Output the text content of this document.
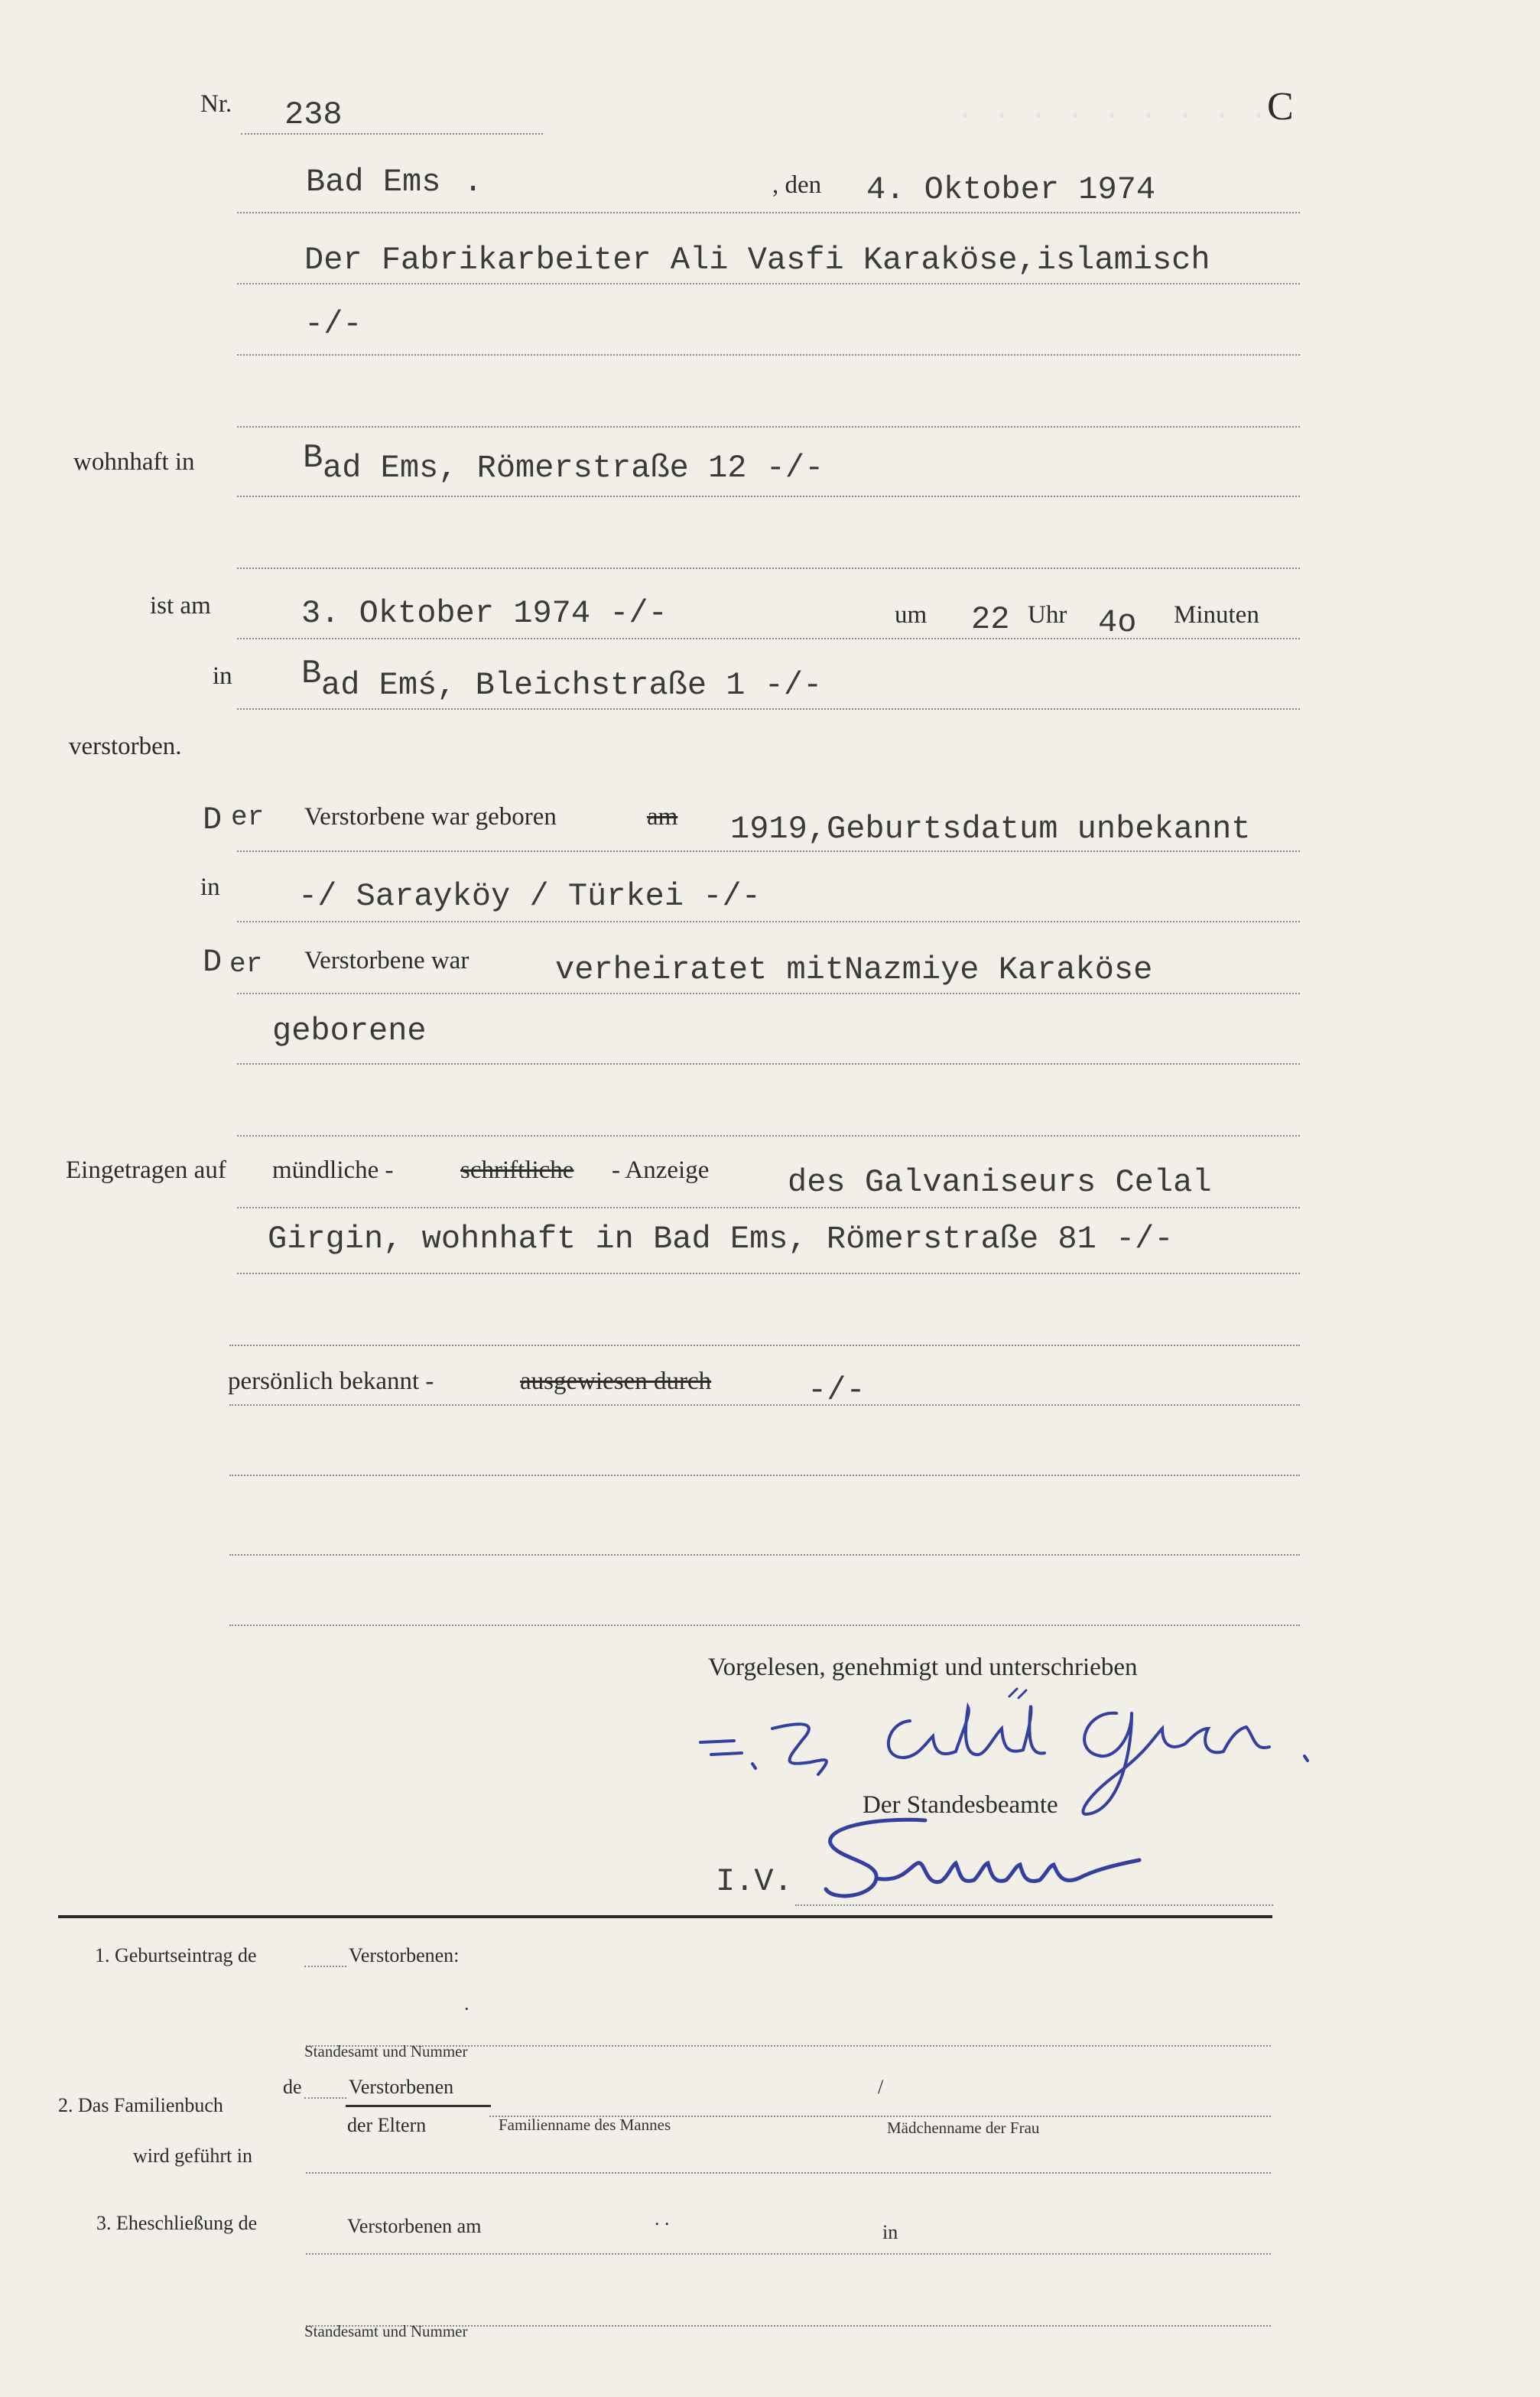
· · · · · · · · ·
Nr. 238	C
Bad Ems .	, den 4. Oktober 1974
Der Fabrikarbeiter Ali Vasfi Karaköse,islamisch
-/-
wohnhaft in	B ad Ems, Römerstraße 12 -/-
ist am	3. Oktober 1974 -/-	um 22 Uhr 4o Minuten
in B ad Emś, Bleichstraße 1 -/-
verstorben.
D er Verstorbene war geboren	am 1919,Geburtsdatum unbekannt
in -/ Sarayköy / Türkei -/-
D er Verstorbene war	verheiratet mitNazmiye Karaköse
geborene
Eingetragen auf mündliche -	schriftliche - Anzeige des Galvaniseurs Celal
Girgin, wohnhaft in Bad Ems, Römerstraße 81 -/-
persönlich bekannt -	ausgewiesen durch	-/-
Vorgelesen, genehmigt und unterschrieben
Der Standesbeamte
I.V.
1. Geburtseintrag de	Verstorbenen:
·
Standesamt und Nummer
2. Das Familienbuch
de Verstorbenen
der Eltern	Familienname des Mannes
/
Mädchenname der Frau
wird geführt in
3. Eheschließung de	Verstorbenen am	. .
in
Standesamt und Nummer
